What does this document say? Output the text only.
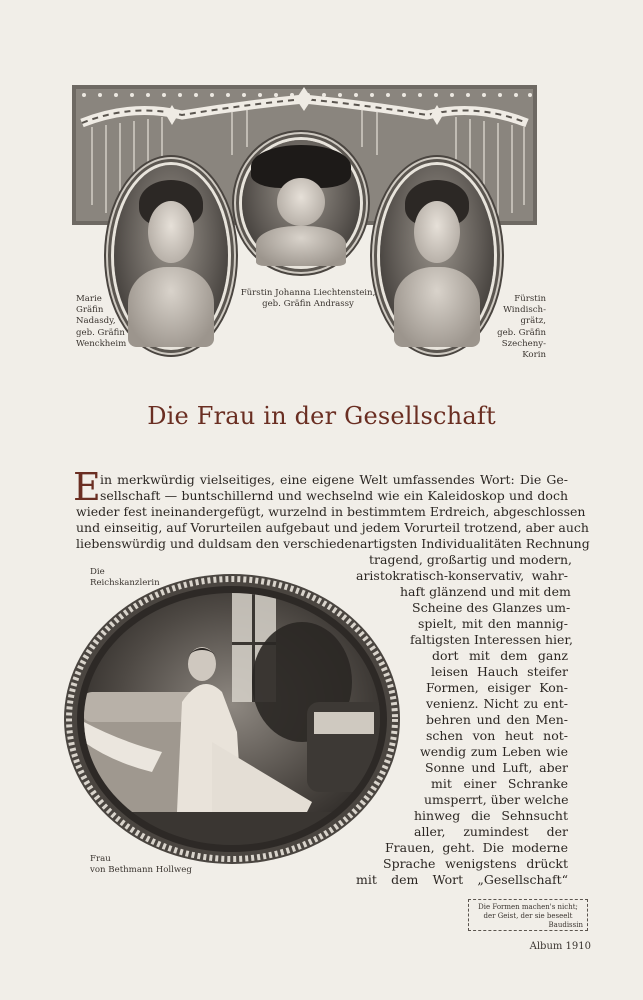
Marie
Gräfin
Nadasdy,
geb. Gräfin
Wenckheim

Fürstin Johanna Liechtenstein,
geb. Gräfin Andrassy

Fürstin
Windisch-
grätz,
geb. Gräfin
Szecheny-Korin

Die Frau in der Gesellschaft

E in merkwürdig vielseitiges, eine eigene Welt umfassendes Wort: Die Ge-

sellschaft — buntschillernd und wechselnd wie ein Kaleidoskop und doch

wieder fest ineinandergefügt, wurzelnd in bestimmtem Erdreich, abgeschlossen

und einseitig, auf Vorurteilen aufgebaut und jedem Vorurteil trotzend, aber auch

liebenswürdig und duldsam den verschiedenartigsten Individualitäten Rechnung

tragend, großartig und modern,

aristokratisch-konservativ, wahr-

haft glänzend und mit dem

Scheine des Glanzes um-

spielt, mit den mannig-

faltigsten Interessen hier,

dort mit dem ganz

leisen Hauch steifer

Formen, eisiger Kon-

venienz. Nicht zu ent-

behren und den Men-

schen von heut not-

wendig zum Leben wie

Sonne und Luft, aber

mit einer Schranke

umsperrt, über welche

hinweg die Sehnsucht

aller, zumindest der

Frauen, geht. Die moderne

Sprache wenigstens drückt

mit dem Wort „Gesellschaft“

Die
Reichskanzlerin

Frau
von Bethmann Hollweg

Die Formen machen's nicht;
der Geist, der sie beseelt
Baudissin

Album 1910
